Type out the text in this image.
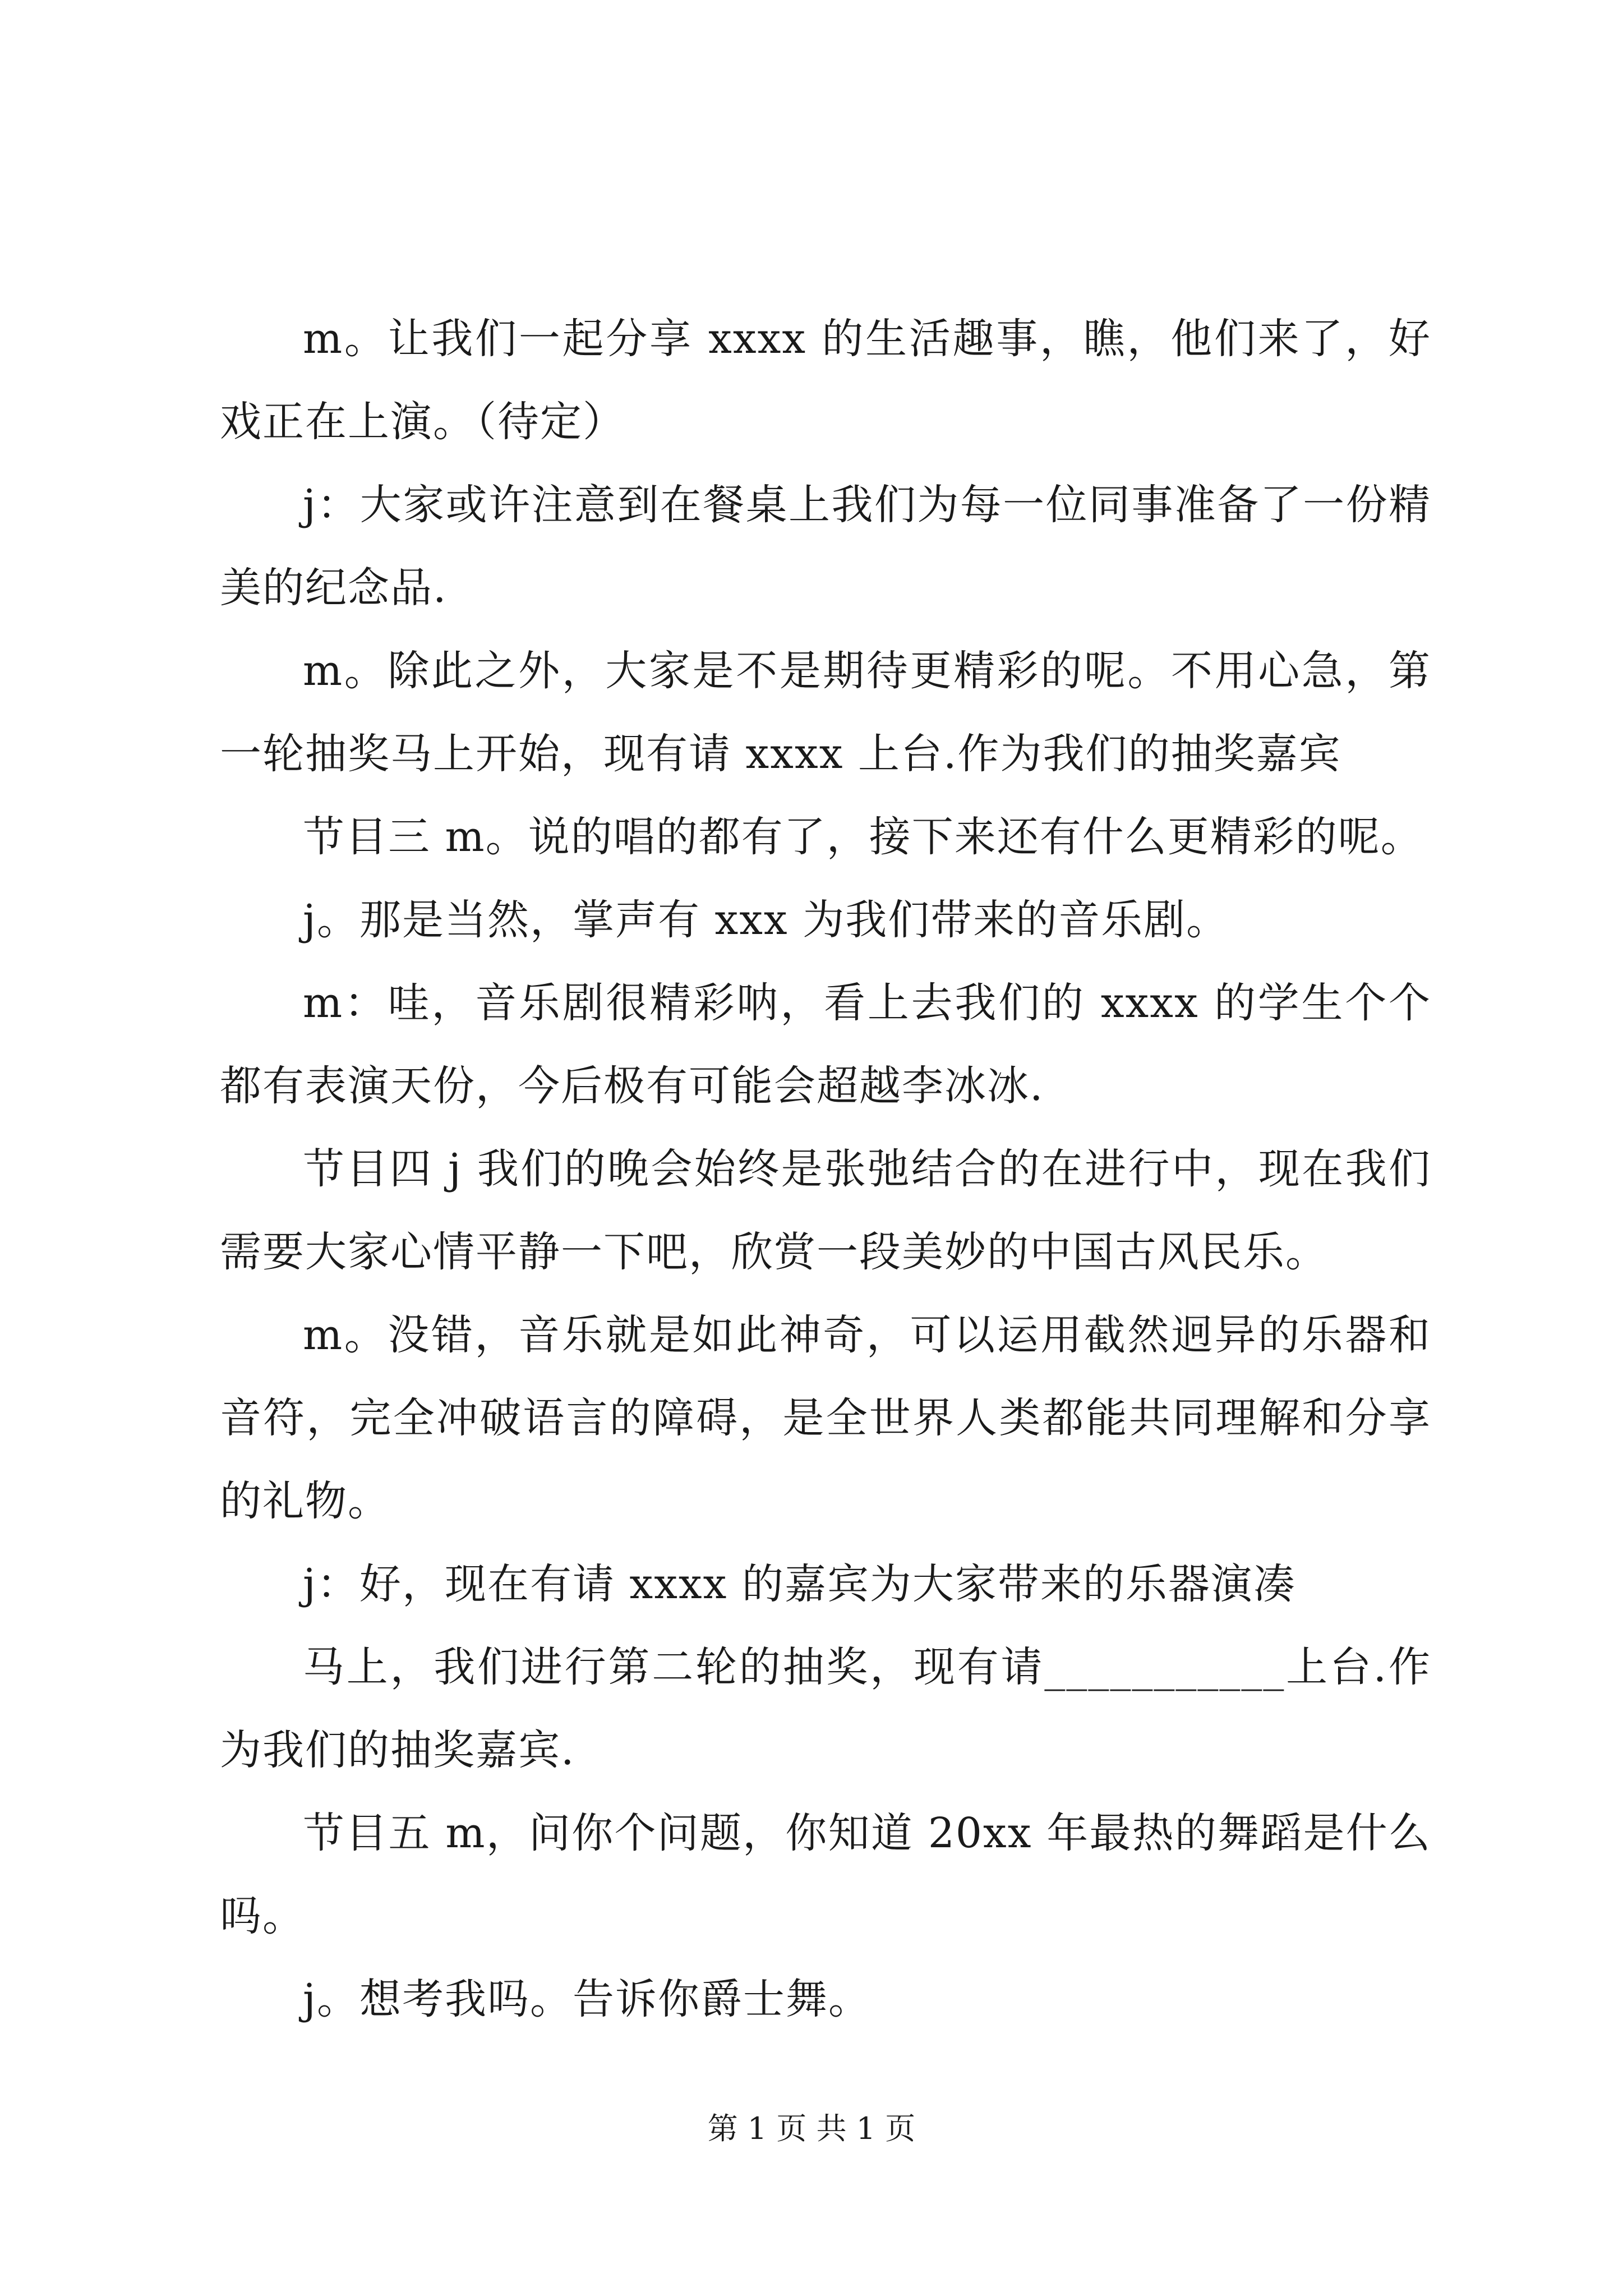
m。让我们一起分享 xxxx 的生活趣事，瞧，他们来了，好戏正在上演。（待定）

j：大家或许注意到在餐桌上我们为每一位同事准备了一份精美的纪念品.

m。除此之外，大家是不是期待更精彩的呢。不用心急，第一轮抽奖马上开始，现有请 xxxx 上台.作为我们的抽奖嘉宾

节目三 m。说的唱的都有了，接下来还有什么更精彩的呢。

j。那是当然，掌声有 xxx 为我们带来的音乐剧。

m：哇，音乐剧很精彩呐，看上去我们的 xxxx 的学生个个都有表演天份，今后极有可能会超越李冰冰.

节目四 j 我们的晚会始终是张弛结合的在进行中，现在我们需要大家心情平静一下吧，欣赏一段美妙的中国古风民乐。

m。没错，音乐就是如此神奇，可以运用截然迥异的乐器和音符，完全冲破语言的障碍，是全世界人类都能共同理解和分享的礼物。

j：好，现在有请 xxxx 的嘉宾为大家带来的乐器演凑

马上，我们进行第二轮的抽奖，现有请___________上台.作为我们的抽奖嘉宾.

节目五 m，问你个问题，你知道 20xx 年最热的舞蹈是什么吗。

j。想考我吗。告诉你爵士舞。

第 1 页 共 1 页
